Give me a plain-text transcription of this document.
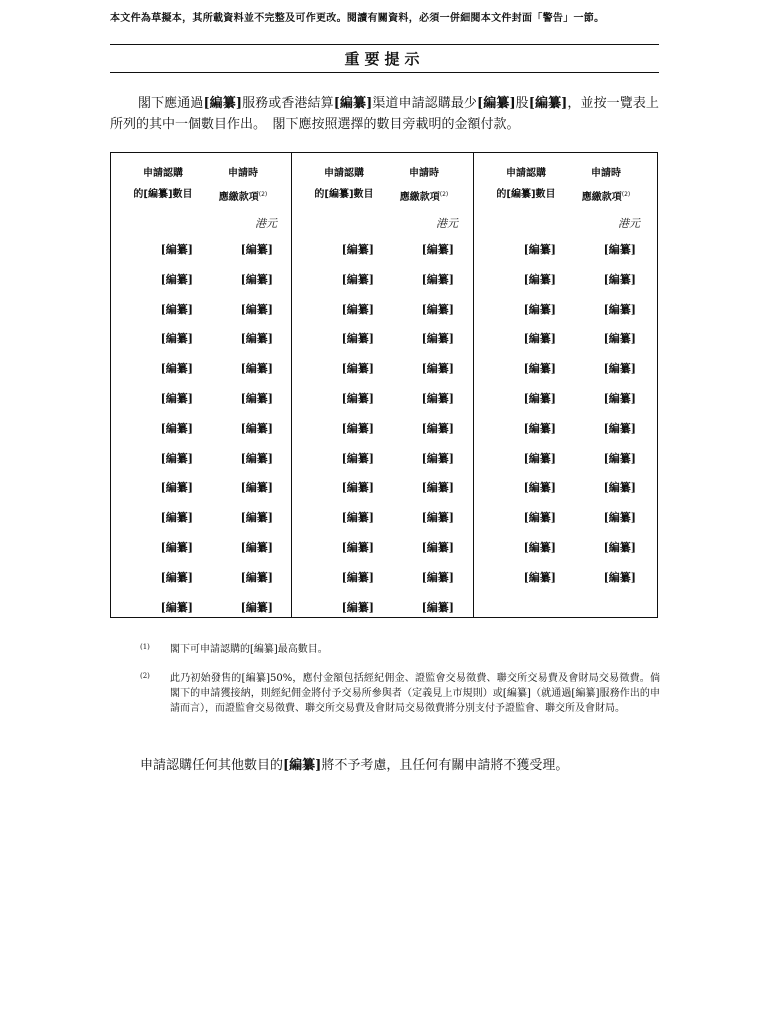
本文件為草擬本，其所載資料並不完整及可作更改。閱讀有關資料，必須一併細閱本文件封面「警告」一節。
重要提示
閣下應通過[編纂]服務或香港結算[編纂]渠道申請認購最少[編纂]股[編纂]，並按一覽表上所列的其中一個數目作出。　閣下應按照選擇的數目旁載明的金額付款。
申請認購
的[編纂]數目
申請時
應繳款項$^{(2)}$
港元
[編纂]	[編纂]
[編纂]	[編纂]
[編纂]	[編纂]
[編纂]	[編纂]
[編纂]	[編纂]
[編纂]	[編纂]
[編纂]	[編纂]
[編纂]	[編纂]
[編纂]	[編纂]
[編纂]	[編纂]
[編纂]	[編纂]
[編纂]	[編纂]
[編纂]	[編纂]
申請認購
的[編纂]數目
申請時
應繳款項$^{(2)}$
港元
[編纂]	[編纂]
[編纂]	[編纂]
[編纂]	[編纂]
[編纂]	[編纂]
[編纂]	[編纂]
[編纂]	[編纂]
[編纂]	[編纂]
[編纂]	[編纂]
[編纂]	[編纂]
[編纂]	[編纂]
[編纂]	[編纂]
[編纂]	[編纂]
[編纂]	[編纂]
申請認購
的[編纂]數目
申請時
應繳款項$^{(2)}$
港元
[編纂]	[編纂]
[編纂]	[編纂]
[編纂]	[編纂]
[編纂]	[編纂]
[編纂]	[編纂]
[編纂]	[編纂]
[編纂]	[編纂]
[編纂]	[編纂]
[編纂]	[編纂]
[編纂]	[編纂]
[編纂]	[編纂]
[編纂]	[編纂]
(1) 閣下可申請認購的[編纂]最高數目。
(2) 此乃初始發售的[編纂]50%，應付金額包括經紀佣金、證監會交易徵費、聯交所交易費及會財局交易徵費。倘　閣下的申請獲接納，則經紀佣金將付予交易所參與者（定義見上市規則）或[編纂]（就通過[編纂]服務作出的申請而言），而證監會交易徵費、聯交所交易費及會財局交易徵費將分別支付予證監會、聯交所及會財局。
申請認購任何其他數目的[編纂]將不予考慮，且任何有關申請將不獲受理。
